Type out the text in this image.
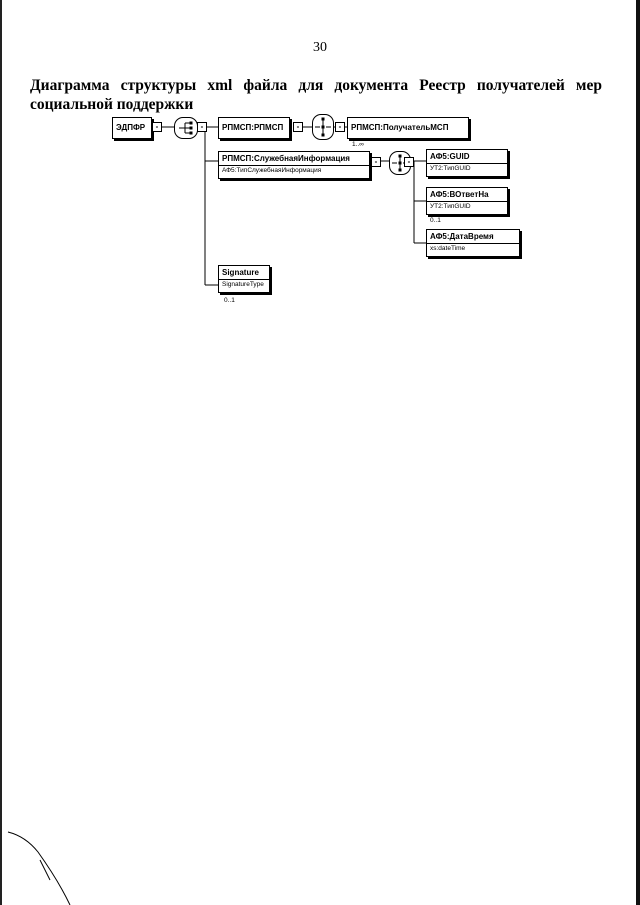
30
Диаграмма структуры xml файла для документа Реестр получателей мер
социальной поддержки
ЭДПФР	-	-	РПМСП:РПМСП	-	-	РПМСП:ПолучательМСП
1..∞
РПМСП:СлужебнаяИнформация
АФ5:ТипСлужебнаяИнформация
-	-
АФ5:GUID
УТ2:ТипGUID
АФ5:ВОтветНа
УТ2:ТипGUID
0..1
АФ5:ДатаВремя
xs:dateTime
Signature
SignatureType
0..1
